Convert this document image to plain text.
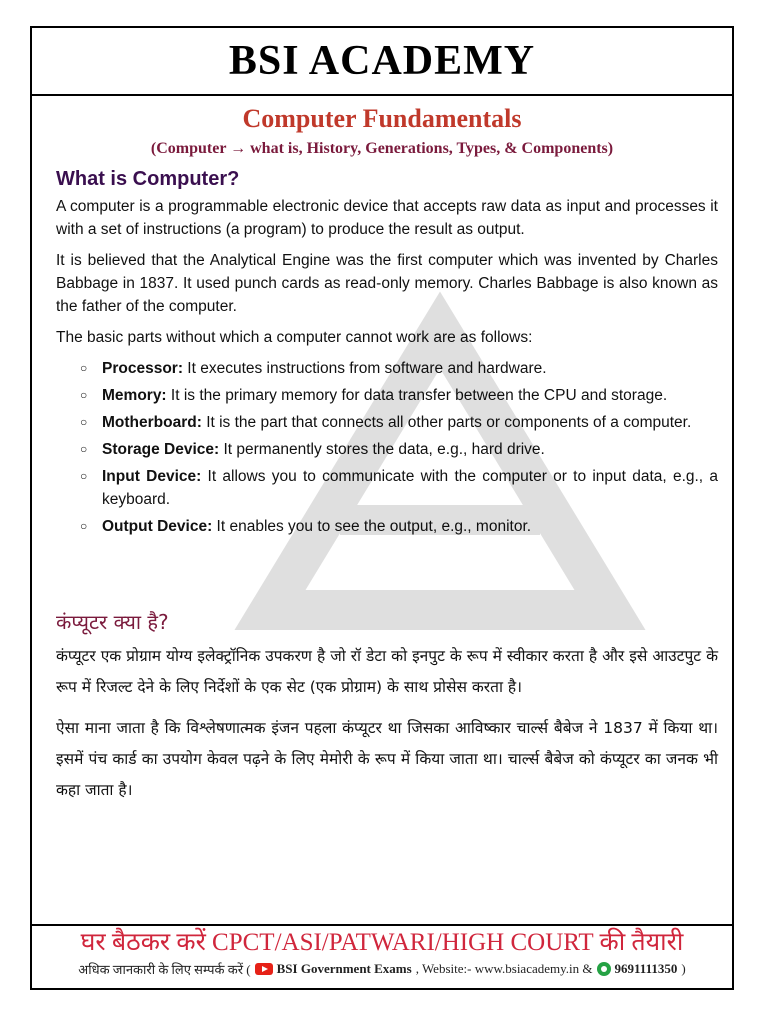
BSI ACADEMY
Computer Fundamentals
(Computer → what is, History, Generations, Types, & Components)
What is Computer?

A computer is a programmable electronic device that accepts raw data as input and processes it with a set of instructions (a program) to produce the result as output.

It is believed that the Analytical Engine was the first computer which was invented by Charles Babbage in 1837. It used punch cards as read-only memory. Charles Babbage is also known as the father of the computer.

The basic parts without which a computer cannot work are as follows:

○ Processor: It executes instructions from software and hardware.
○ Memory: It is the primary memory for data transfer between the CPU and storage.
○ Motherboard: It is the part that connects all other parts or components of a computer.
○ Storage Device: It permanently stores the data, e.g., hard drive.
○ Input Device: It allows you to communicate with the computer or to input data, e.g., a keyboard.
○ Output Device: It enables you to see the output, e.g., monitor.
कंप्यूटर क्या है?

कंप्यूटर एक प्रोग्राम योग्य इलेक्ट्रॉनिक उपकरण है जो रॉ डेटा को इनपुट के रूप में स्वीकार करता है और इसे आउटपुट के रूप में रिजल्ट देने के लिए निर्देशों के एक सेट (एक प्रोग्राम) के साथ प्रोसेस करता है।

ऐसा माना जाता है कि विश्लेषणात्मक इंजन पहला कंप्यूटर था जिसका आविष्कार चार्ल्स बैबेज ने 1837 में किया था। इसमें पंच कार्ड का उपयोग केवल पढ़ने के लिए मेमोरी के रूप में किया जाता था। चार्ल्स बैबेज को कंप्यूटर का जनक भी कहा जाता है।

घर बैठकर करें CPCT/ASI/PATWARI/HIGH COURT की तैयारी
अधिक जानकारी के लिए सम्पर्क करें ( BSI Government Exams , Website:- www.bsiacademy.in & 9691111350 )
